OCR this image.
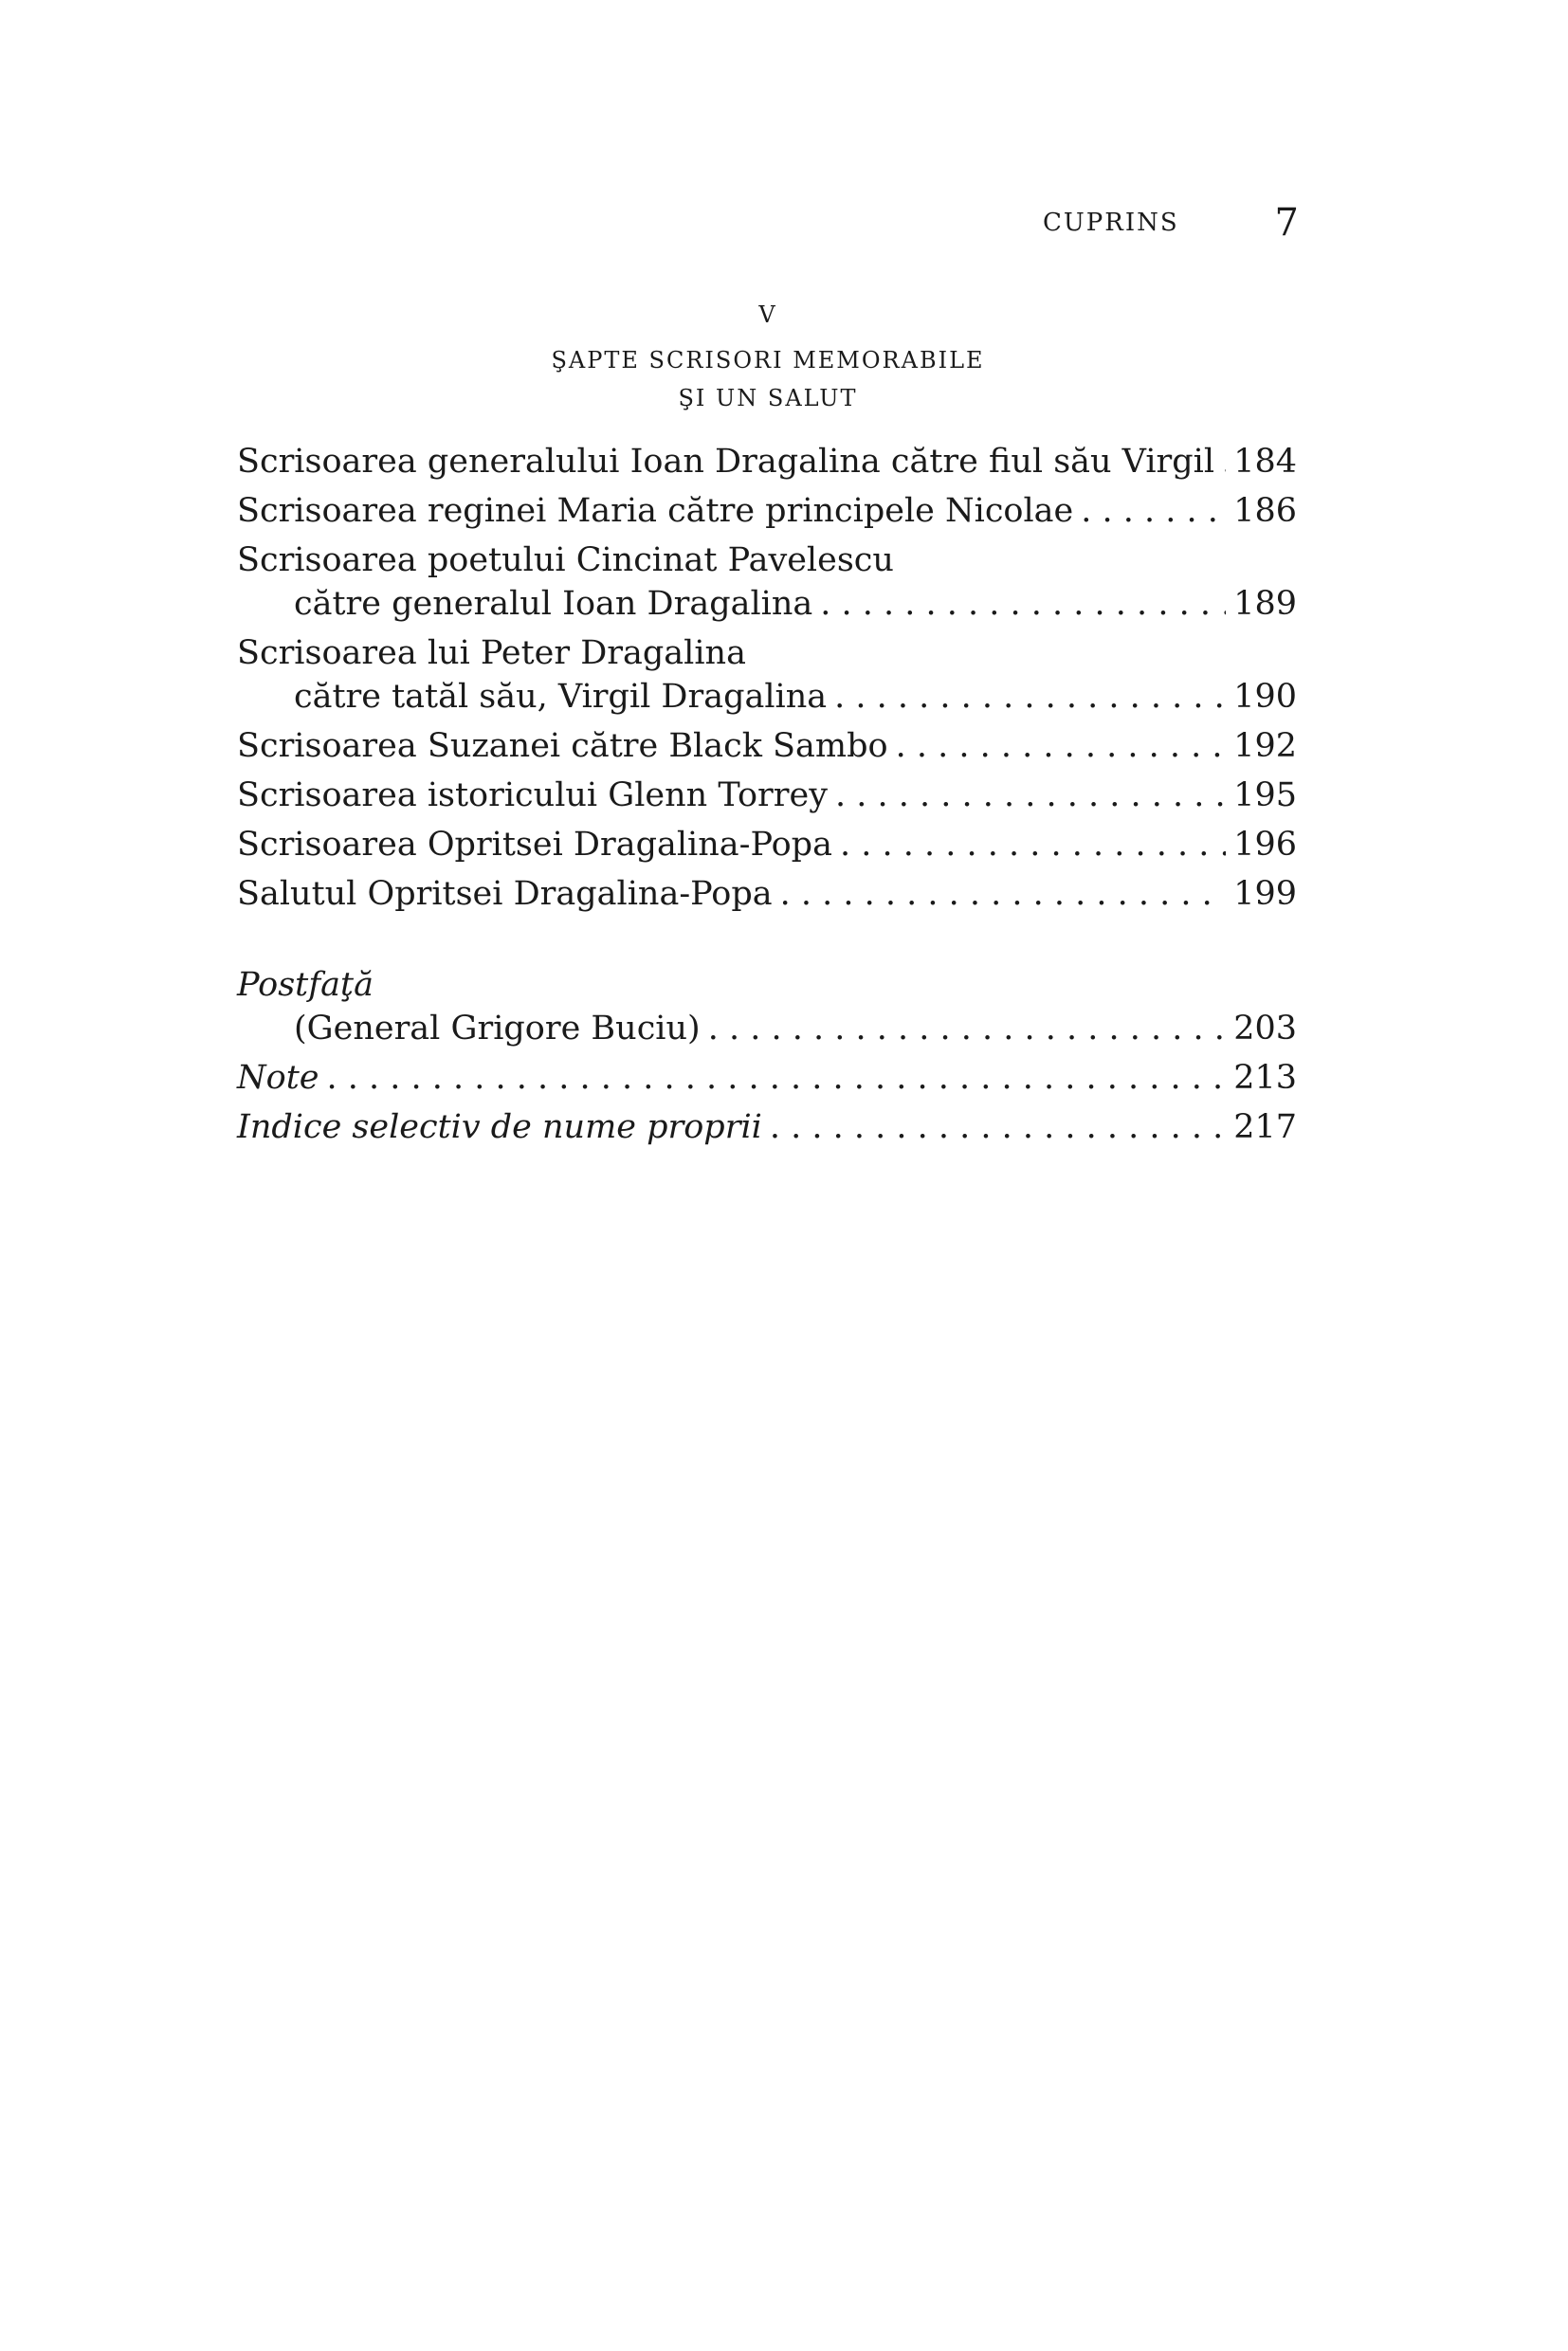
CUPRINS	7
V
ŞAPTE SCRISORI MEMORABILE
ŞI UN SALUT
Scrisoarea generalului Ioan Dragalina către fiul său Virgil . . . 184
Scrisoarea reginei Maria către principele Nicolae . . .	186
Scrisoarea poetului Cincinat Pavelescu
către generalul Ioan Dragalina . . .	189
Scrisoarea lui Peter Dragalina
către tatăl său, Virgil Dragalina . . .	190
Scrisoarea Suzanei către Black Sambo . . .	192
Scrisoarea istoricului Glenn Torrey . . .	195
Scrisoarea Opritsei Dragalina-Popa . . .	196
Salutul Opritsei Dragalina-Popa . . .	199
Postfaţă
(General Grigore Buciu) . . .	203
Note . . .	213
Indice selectiv de nume proprii . . .	217
